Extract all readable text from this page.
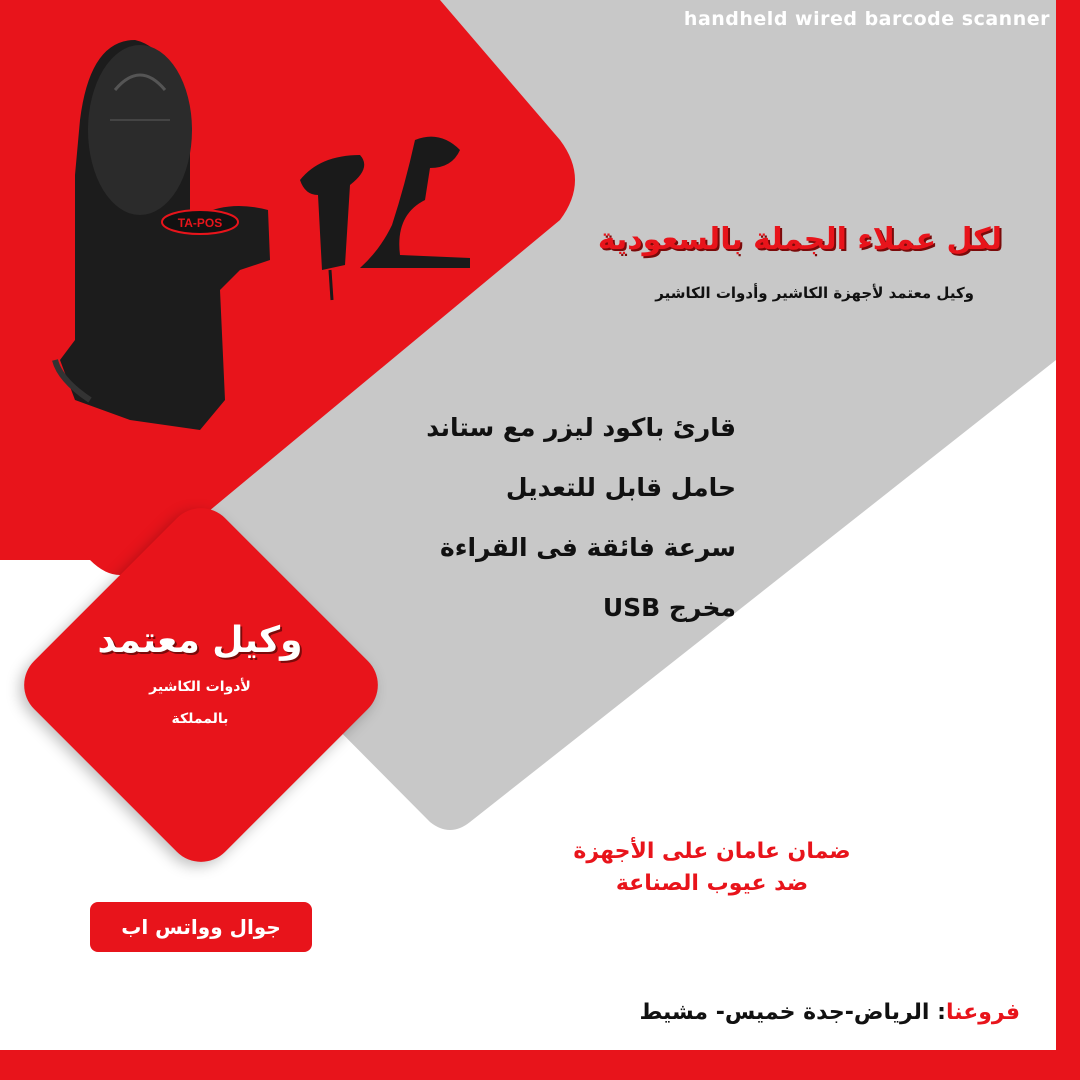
TA-POS
handheld wired barcode scanner
لكل عملاء الجملة بالسعودية
وكيل معتمد لأجهزة الكاشير وأدوات الكاشير
قارئ باكود ليزر مع ستاند
حامل قابل للتعديل
سرعة فائقة فى القراءة
مخرج USB
وكيل معتمد
لأدوات الكاشير
بالمملكة
ضمان عامان على الأجهزة
ضد عيوب الصناعة
جوال وواتس اب
فروعنا: الرياض-جدة خميس- مشيط
